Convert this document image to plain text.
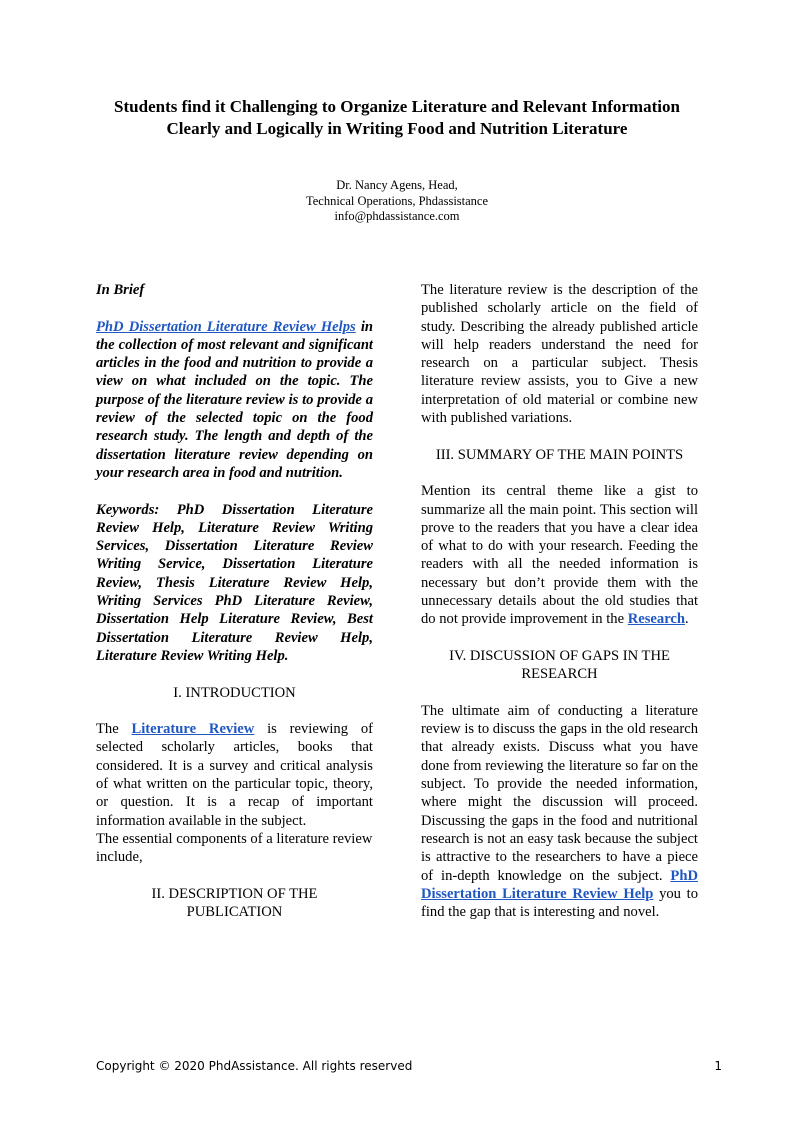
Students find it Challenging to Organize Literature and Relevant Information Clearly and Logically in Writing Food and Nutrition Literature
Dr. Nancy Agens, Head,
Technical Operations, Phdassistance
info@phdassistance.com
In Brief
PhD Dissertation Literature Review Helps in the collection of most relevant and significant articles in the food and nutrition to provide a view on what included on the topic. The purpose of the literature review is to provide a review of the selected topic on the food research study. The length and depth of the dissertation literature review depending on your research area in food and nutrition.
Keywords: PhD Dissertation Literature Review Help, Literature Review Writing Services, Dissertation Literature Review Writing Service, Dissertation Literature Review, Thesis Literature Review Help, Writing Services PhD Literature Review, Dissertation Help Literature Review, Best Dissertation Literature Review Help, Literature Review Writing Help.
I. INTRODUCTION
The Literature Review is reviewing of selected scholarly articles, books that considered. It is a survey and critical analysis of what written on the particular topic, theory, or question. It is a recap of important information available in the subject.
The essential components of a literature review include,
II. DESCRIPTION OF THE
PUBLICATION
The literature review is the description of the published scholarly article on the field of study. Describing the already published article will help readers understand the need for research on a particular subject. Thesis literature review assists, you to Give a new interpretation of old material or combine new with published variations.
III. SUMMARY OF THE MAIN POINTS
Mention its central theme like a gist to summarize all the main point. This section will prove to the readers that you have a clear idea of what to do with your research. Feeding the readers with all the needed information is necessary but don’t provide them with the unnecessary details about the old studies that do not provide improvement in the Research.
IV. DISCUSSION OF GAPS IN THE
RESEARCH
The ultimate aim of conducting a literature review is to discuss the gaps in the old research that already exists. Discuss what you have done from reviewing the literature so far on the subject. To provide the needed information, where might the discussion will proceed. Discussing the gaps in the food and nutritional research is not an easy task because the subject is attractive to the researchers to have a piece of in-depth knowledge on the subject. PhD Dissertation Literature Review Help you to find the gap that is interesting and novel.
Copyright © 2020 PhdAssistance. All rights reserved	1
